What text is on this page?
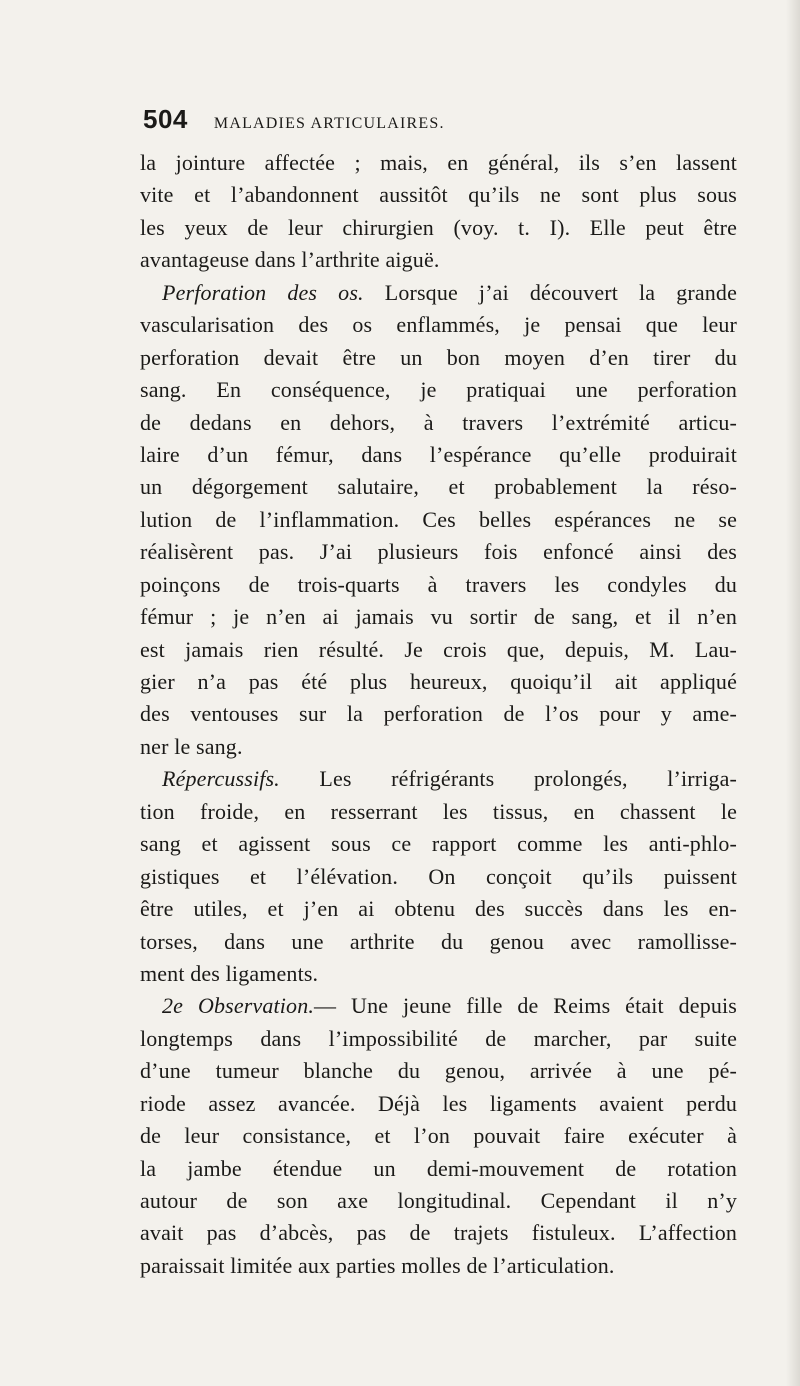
504 MALADIES ARTICULAIRES.
la jointure affectée ; mais, en général, ils s’en lassent
vite et l’abandonnent aussitôt qu’ils ne sont plus sous
les yeux de leur chirurgien (voy. t. I). Elle peut être
avantageuse dans l’arthrite aiguë.
Perforation des os. Lorsque j’ai découvert la grande
vascularisation des os enflammés, je pensai que leur
perforation devait être un bon moyen d’en tirer du
sang. En conséquence, je pratiquai une perforation
de dedans en dehors, à travers l’extrémité articu-
laire d’un fémur, dans l’espérance qu’elle produirait
un dégorgement salutaire, et probablement la réso-
lution de l’inflammation. Ces belles espérances ne se
réalisèrent pas. J’ai plusieurs fois enfoncé ainsi des
poinçons de trois-quarts à travers les condyles du
fémur ; je n’en ai jamais vu sortir de sang, et il n’en
est jamais rien résulté. Je crois que, depuis, M. Lau-
gier n’a pas été plus heureux, quoiqu’il ait appliqué
des ventouses sur la perforation de l’os pour y ame-
ner le sang.
Répercussifs. Les réfrigérants prolongés, l’irriga-
tion froide, en resserrant les tissus, en chassent le
sang et agissent sous ce rapport comme les anti-phlo-
gistiques et l’élévation. On conçoit qu’ils puissent
être utiles, et j’en ai obtenu des succès dans les en-
torses, dans une arthrite du genou avec ramollisse-
ment des ligaments.
2e Observation.— Une jeune fille de Reims était depuis
longtemps dans l’impossibilité de marcher, par suite
d’une tumeur blanche du genou, arrivée à une pé-
riode assez avancée. Déjà les ligaments avaient perdu
de leur consistance, et l’on pouvait faire exécuter à
la jambe étendue un demi-mouvement de rotation
autour de son axe longitudinal. Cependant il n’y
avait pas d’abcès, pas de trajets fistuleux. L’affection
paraissait limitée aux parties molles de l’articulation.
